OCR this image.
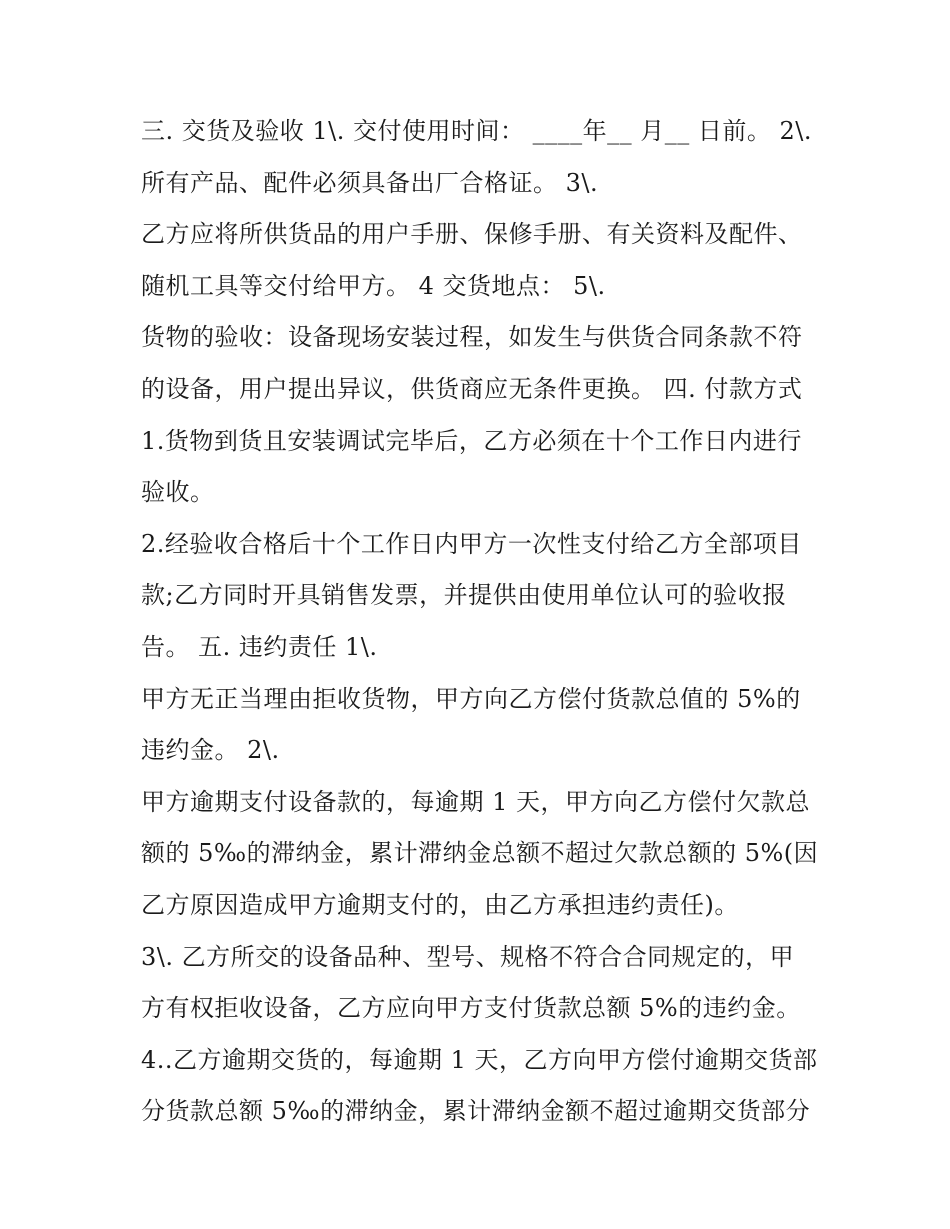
三. 交货及验收 1\. 交付使用时间： ____年__ 月__ 日前。 2\.
所有产品、配件必须具备出厂合格证。 3\.
乙方应将所供货品的用户手册、保修手册、有关资料及配件、
随机工具等交付给甲方。 4 交货地点： 5\.
货物的验收：设备现场安装过程，如发生与供货合同条款不符
的设备，用户提出异议，供货商应无条件更换。 四. 付款方式
1.货物到货且安装调试完毕后，乙方必须在十个工作日内进行
验收。
2.经验收合格后十个工作日内甲方一次性支付给乙方全部项目
款;乙方同时开具销售发票，并提供由使用单位认可的验收报
告。 五. 违约责任 1\.
甲方无正当理由拒收货物，甲方向乙方偿付货款总值的 5%的
违约金。 2\.
甲方逾期支付设备款的，每逾期 1 天，甲方向乙方偿付欠款总
额的 5‰的滞纳金，累计滞纳金总额不超过欠款总额的 5%(因
乙方原因造成甲方逾期支付的，由乙方承担违约责任)。
3\. 乙方所交的设备品种、型号、规格不符合合同规定的，甲
方有权拒收设备，乙方应向甲方支付货款总额 5%的违约金。
4..乙方逾期交货的，每逾期 1 天，乙方向甲方偿付逾期交货部
分货款总额 5‰的滞纳金，累计滞纳金额不超过逾期交货部分
